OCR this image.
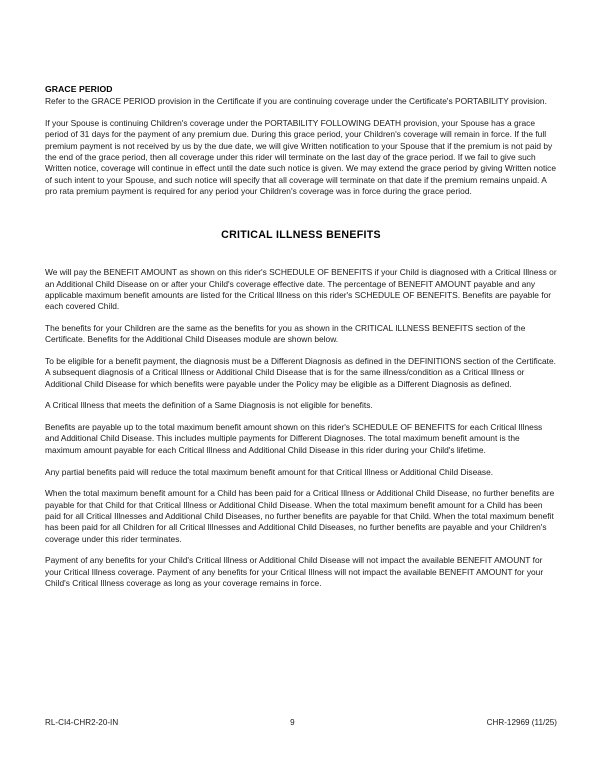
GRACE PERIOD

Refer to the GRACE PERIOD provision in the Certificate if you are continuing coverage under the Certificate's PORTABILITY provision.

If your Spouse is continuing Children's coverage under the PORTABILITY FOLLOWING DEATH provision, your Spouse has a grace period of 31 days for the payment of any premium due. During this grace period, your Children's coverage will remain in force. If the full premium payment is not received by us by the due date, we will give Written notification to your Spouse that if the premium is not paid by the end of the grace period, then all coverage under this rider will terminate on the last day of the grace period. If we fail to give such Written notice, coverage will continue in effect until the date such notice is given. We may extend the grace period by giving Written notice of such intent to your Spouse, and such notice will specify that all coverage will terminate on that date if the premium remains unpaid. A pro rata premium payment is required for any period your Children's coverage was in force during the grace period.

CRITICAL ILLNESS BENEFITS

We will pay the BENEFIT AMOUNT as shown on this rider's SCHEDULE OF BENEFITS if your Child is diagnosed with a Critical Illness or an Additional Child Disease on or after your Child's coverage effective date. The percentage of BENEFIT AMOUNT payable and any applicable maximum benefit amounts are listed for the Critical Illness on this rider's SCHEDULE OF BENEFITS. Benefits are payable for each covered Child.

The benefits for your Children are the same as the benefits for you as shown in the CRITICAL ILLNESS BENEFITS section of the Certificate. Benefits for the Additional Child Diseases module are shown below.

To be eligible for a benefit payment, the diagnosis must be a Different Diagnosis as defined in the DEFINITIONS section of the Certificate. A subsequent diagnosis of a Critical Illness or Additional Child Disease that is for the same illness/condition as a Critical Illness or Additional Child Disease for which benefits were payable under the Policy may be eligible as a Different Diagnosis as defined.

A Critical Illness that meets the definition of a Same Diagnosis is not eligible for benefits.

Benefits are payable up to the total maximum benefit amount shown on this rider's SCHEDULE OF BENEFITS for each Critical Illness and Additional Child Disease. This includes multiple payments for Different Diagnoses. The total maximum benefit amount is the maximum amount payable for each Critical Illness and Additional Child Disease in this rider during your Child's lifetime.

Any partial benefits paid will reduce the total maximum benefit amount for that Critical Illness or Additional Child Disease.

When the total maximum benefit amount for a Child has been paid for a Critical Illness or Additional Child Disease, no further benefits are payable for that Child for that Critical Illness or Additional Child Disease. When the total maximum benefit amount for a Child has been paid for all Critical Illnesses and Additional Child Diseases, no further benefits are payable for that Child. When the total maximum benefit has been paid for all Children for all Critical Illnesses and Additional Child Diseases, no further benefits are payable and your Children's coverage under this rider terminates.

Payment of any benefits for your Child's Critical Illness or Additional Child Disease will not impact the available BENEFIT AMOUNT for your Critical Illness coverage. Payment of any benefits for your Critical Illness will not impact the available BENEFIT AMOUNT for your Child's Critical Illness coverage as long as your coverage remains in force.

RL-CI4-CHR2-20-IN	9	CHR-12969 (11/25)
